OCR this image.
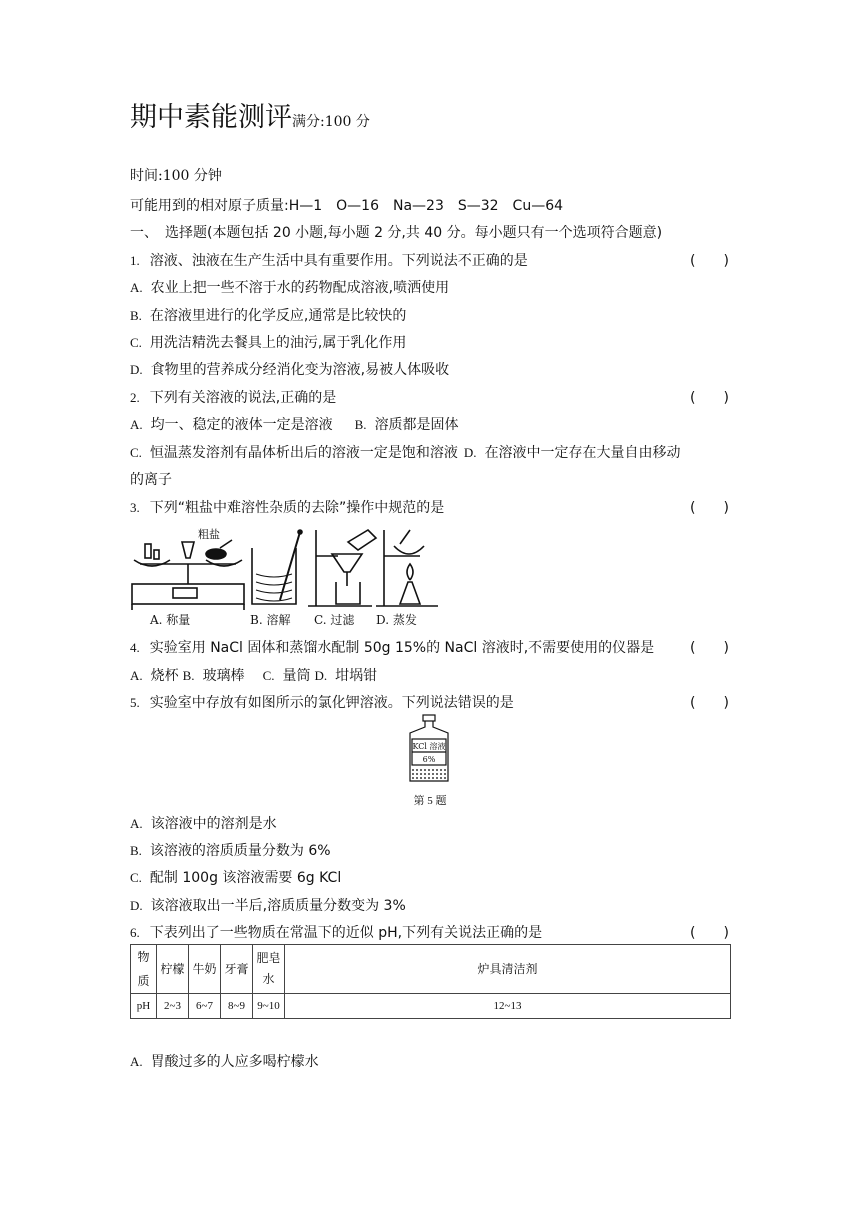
期中素能测评满分:100 分
时间:100 分钟
可能用到的相对原子质量:H—1　O—16　Na—23　S—32　Cu—64
一、　选择题(本题包括 20 小题,每小题 2 分,共 40 分。每小题只有一个选项符合题意)
1. 溶液、浊液在生产生活中具有重要作用。下列说法不正确的是	(　　)
A. 农业上把一些不溶于水的药物配成溶液,喷洒使用
B. 在溶液里进行的化学反应,通常是比较快的
C. 用洗洁精洗去餐具上的油污,属于乳化作用
D. 食物里的营养成分经消化变为溶液,易被人体吸收
2. 下列有关溶液的说法,正确的是	(　　)
A. 均一、稳定的液体一定是溶液 B. 溶质都是固体
C. 恒温蒸发溶剂有晶体析出后的溶液一定是饱和溶液 D. 在溶液中一定存在大量自由移动
的离子
3. 下列“粗盐中难溶性杂质的去除”操作中规范的是	(　　)
粗盐
A. 称量	B. 溶解 C. 过滤 D. 蒸发
4. 实验室用 NaCl 固体和蒸馏水配制 50g 15%的 NaCl 溶液时,不需要使用的仪器是	(　　)
A. 烧杯 B. 玻璃棒 C. 量筒 D. 坩埚钳
5. 实验室中存放有如图所示的氯化钾溶液。下列说法错误的是	(　　)
KCl 溶液
6%
第 5 题
A. 该溶液中的溶剂是水
B. 该溶液的溶质质量分数为 6%
C. 配制 100g 该溶液需要 6g KCl
D. 该溶液取出一半后,溶质质量分数变为 3%
6. 下表列出了一些物质在常温下的近似 pH,下列有关说法正确的是	(　　)
物质	柠檬	牛奶	牙膏	肥皂水	炉具清洁剂
pH	2~3	6~7	8~9	9~10	12~13
A. 胃酸过多的人应多喝柠檬水
